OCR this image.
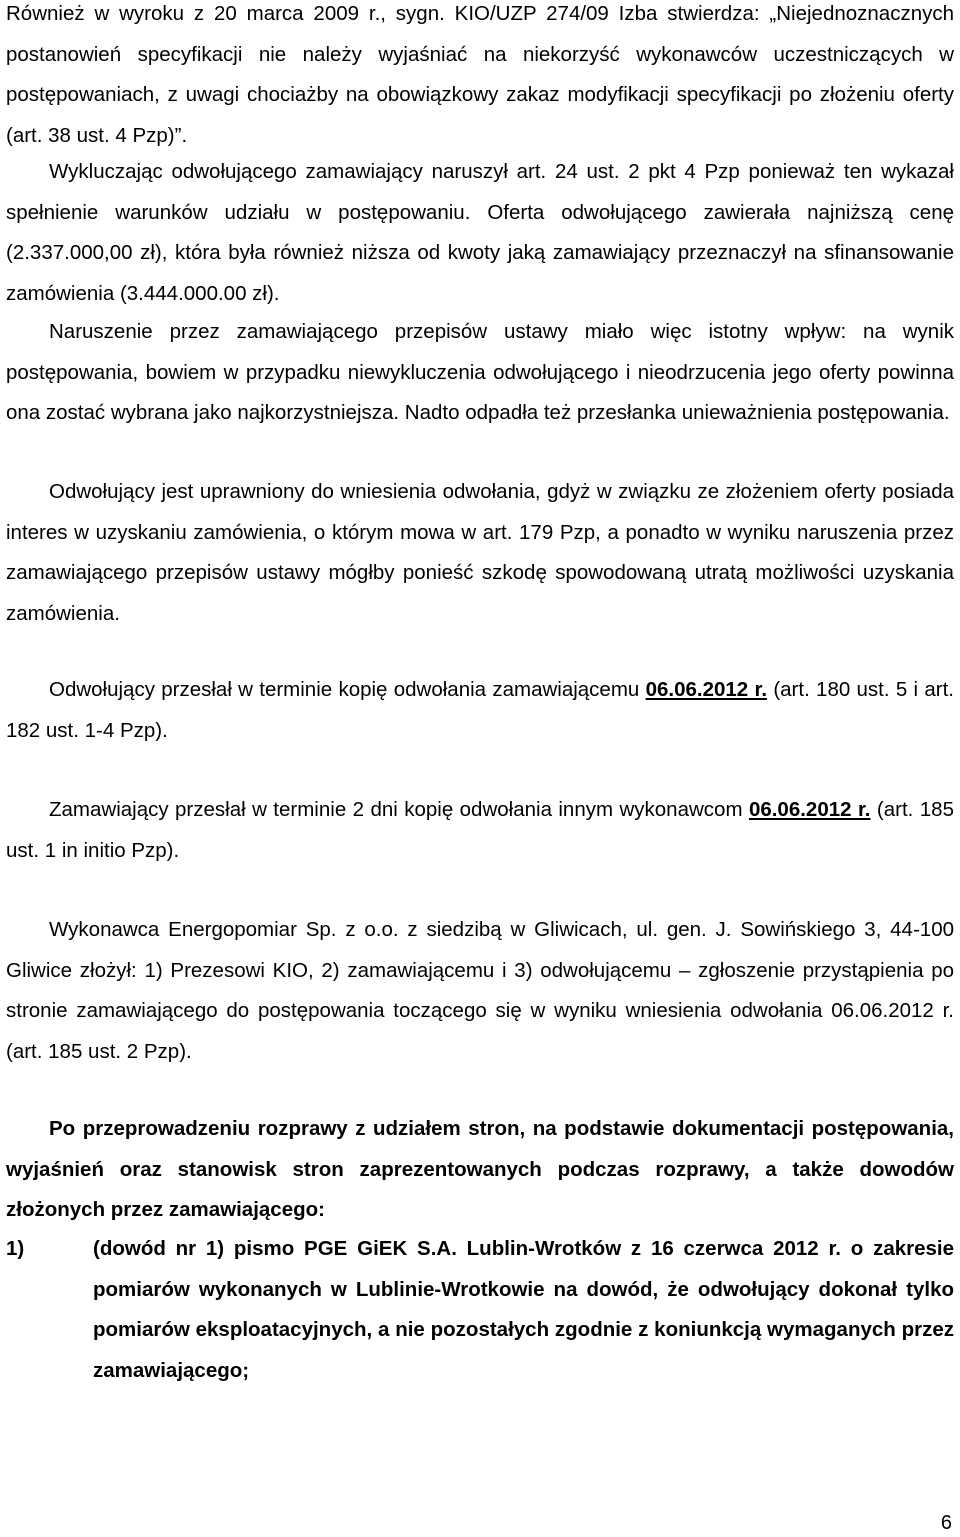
Również w wyroku z 20 marca 2009 r., sygn. KIO/UZP 274/09 Izba stwierdza: „Niejednoznacznych postanowień specyfikacji nie należy wyjaśniać na niekorzyść wykonawców uczestniczących w postępowaniach, z uwagi chociażby na obowiązkowy zakaz modyfikacji specyfikacji po złożeniu oferty (art. 38 ust. 4 Pzp)”.

Wykluczając odwołującego zamawiający naruszył art. 24 ust. 2 pkt 4 Pzp ponieważ ten wykazał spełnienie warunków udziału w postępowaniu. Oferta odwołującego zawierała najniższą cenę (2.337.000,00 zł), która była również niższa od kwoty jaką zamawiający przeznaczył na sfinansowanie zamówienia (3.444.000.00 zł).

Naruszenie przez zamawiającego przepisów ustawy miało więc istotny wpływ: na wynik postępowania, bowiem w przypadku niewykluczenia odwołującego i nieodrzucenia jego oferty powinna ona zostać wybrana jako najkorzystniejsza. Nadto odpadła też przesłanka unieważnienia postępowania.

Odwołujący jest uprawniony do wniesienia odwołania, gdyż w związku ze złożeniem oferty posiada interes w uzyskaniu zamówienia, o którym mowa w art. 179 Pzp, a ponadto w wyniku naruszenia przez zamawiającego przepisów ustawy mógłby ponieść szkodę spowodowaną utratą możliwości uzyskania zamówienia.

Odwołujący przesłał w terminie kopię odwołania zamawiającemu 06.06.2012 r. (art. 180 ust. 5 i art. 182 ust. 1-4 Pzp).

Zamawiający przesłał w terminie 2 dni kopię odwołania innym wykonawcom 06.06.2012 r. (art. 185 ust. 1 in initio Pzp).

Wykonawca Energopomiar Sp. z o.o. z siedzibą w Gliwicach, ul. gen. J. Sowińskiego 3, 44-100 Gliwice złożył: 1) Prezesowi KIO, 2) zamawiającemu i 3) odwołującemu – zgłoszenie przystąpienia po stronie zamawiającego do postępowania toczącego się w wyniku wniesienia odwołania 06.06.2012 r. (art. 185 ust. 2 Pzp).

Po przeprowadzeniu rozprawy z udziałem stron, na podstawie dokumentacji postępowania, wyjaśnień oraz stanowisk stron zaprezentowanych podczas rozprawy, a także dowodów złożonych przez zamawiającego:

1)	(dowód nr 1) pismo PGE GiEK S.A. Lublin-Wrotków z 16 czerwca 2012 r. o zakresie pomiarów wykonanych w Lublinie-Wrotkowie na dowód, że odwołujący dokonał tylko pomiarów eksploatacyjnych, a nie pozostałych zgodnie z koniunkcją wymaganych przez zamawiającego;
6
